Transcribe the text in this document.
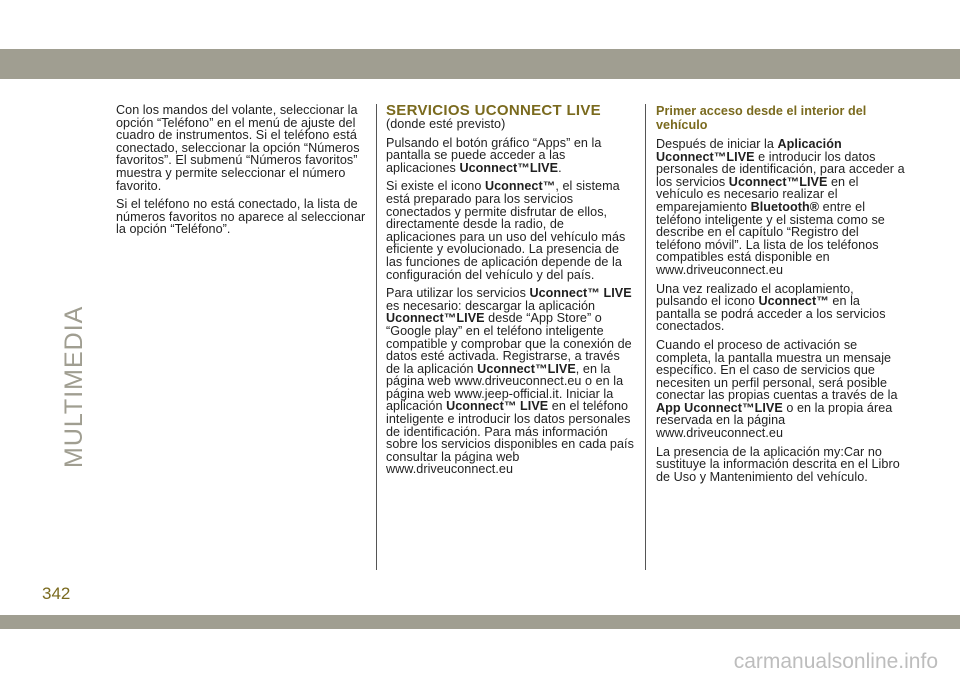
MULTIMEDIA

Con los mandos del volante, seleccionar la opción “Teléfono” en el menú de ajuste del cuadro de instrumentos. Si el teléfono está conectado, seleccionar la opción “Números favoritos”. El submenú “Números favoritos” muestra y permite seleccionar el número favorito.

Si el teléfono no está conectado, la lista de números favoritos no aparece al seleccionar la opción “Teléfono”.

SERVICIOS UCONNECT LIVE

(donde esté previsto)

Pulsando el botón gráfico “Apps” en la pantalla se puede acceder a las aplicaciones Uconnect™LIVE.

Si existe el icono Uconnect™, el sistema está preparado para los servicios conectados y permite disfrutar de ellos, directamente desde la radio, de aplicaciones para un uso del vehículo más eficiente y evolucionado. La presencia de las funciones de aplicación depende de la configuración del vehículo y del país.

Para utilizar los servicios Uconnect™ LIVE es necesario: descargar la aplicación Uconnect™LIVE desde “App Store” o “Google play” en el teléfono inteligente compatible y comprobar que la conexión de datos esté activada. Registrarse, a través de la aplicación Uconnect™LIVE, en la página web www.driveuconnect.eu o en la página web www.jeep-official.it. Iniciar la aplicación Uconnect™ LIVE en el teléfono inteligente e introducir los datos personales de identificación. Para más información sobre los servicios disponibles en cada país consultar la página web www.driveuconnect.eu

Primer acceso desde el interior del vehículo

Después de iniciar la Aplicación Uconnect™LIVE e introducir los datos personales de identificación, para acceder a los servicios Uconnect™LIVE en el vehículo es necesario realizar el emparejamiento Bluetooth® entre el teléfono inteligente y el sistema como se describe en el capítulo “Registro del teléfono móvil”. La lista de los teléfonos compatibles está disponible en www.driveuconnect.eu

Una vez realizado el acoplamiento, pulsando el icono Uconnect™ en la pantalla se podrá acceder a los servicios conectados.

Cuando el proceso de activación se completa, la pantalla muestra un mensaje específico. En el caso de servicios que necesiten un perfil personal, será posible conectar las propias cuentas a través de la App Uconnect™LIVE o en la propia área reservada en la página www.driveuconnect.eu

La presencia de la aplicación my:Car no sustituye la información descrita en el Libro de Uso y Mantenimiento del vehículo.

342
carmanualsonline.info
